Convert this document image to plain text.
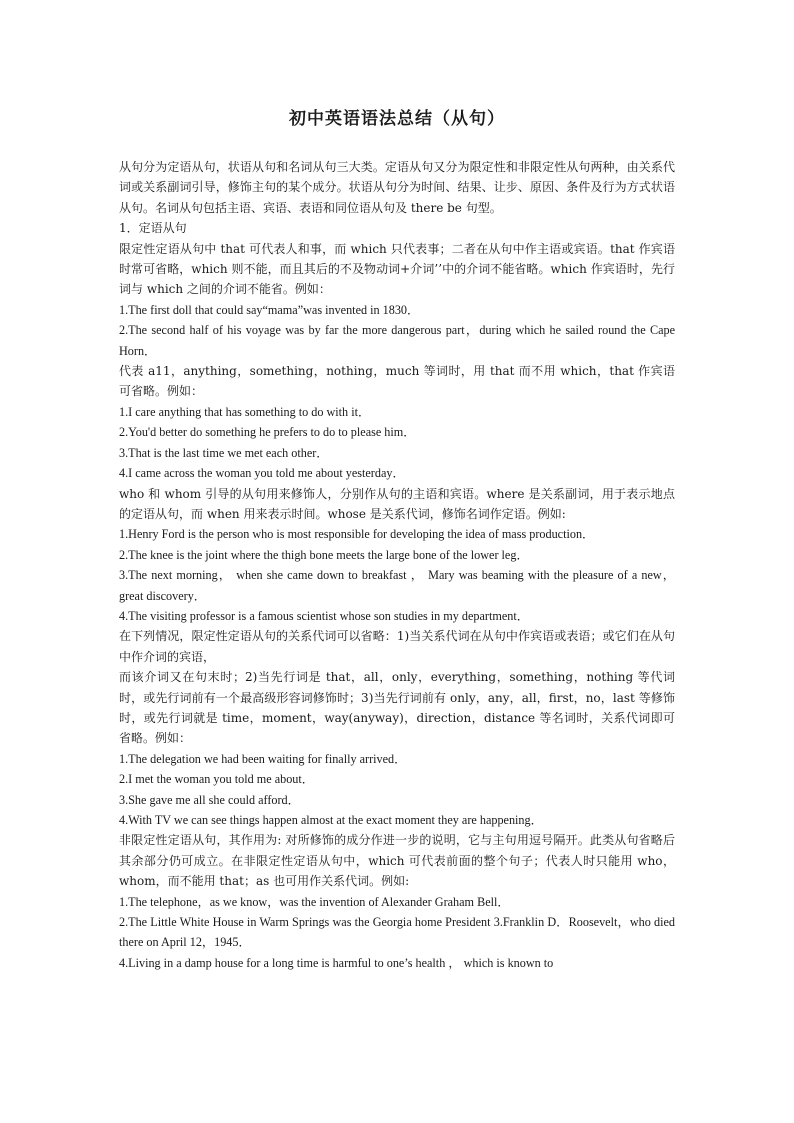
初中英语语法总结（从句）

从句分为定语从句，状语从句和名词从句三大类。定语从句又分为限定性和非限定性从句两种，由关系代词或关系副词引导，修饰主句的某个成分。状语从句分为时间、结果、让步、原因、条件及行为方式状语从句。名词从句包括主语、宾语、表语和同位语从句及 there be 句型。

1．定语从句

限定性定语从句中 that 可代表人和事，而 which 只代表事；二者在从句中作主语或宾语。that 作宾语时常可省略，which 则不能，而且其后的不及物动词+介词’’中的介词不能省略。which 作宾语时，先行词与 which 之间的介词不能省。例如：

1.The first doll that could say“mama”was invented in 1830．

2.The second half of his voyage was by far the more dangerous part，during which he sailed round the Cape Horn．

代表 a11，anything，something，nothing，much 等词时，用 that 而不用 which，that 作宾语可省略。例如：

1.I care anything that has something to do with it．

2.You'd better do something he prefers to do to please him．

3.That is the last time we met each other．

4.I came across the woman you told me about yesterday．

who 和 whom 引导的从句用来修饰人，分别作从句的主语和宾语。where 是关系副词，用于表示地点的定语从句，而 when 用来表示时间。whose 是关系代词，修饰名词作定语。例如:

1.Henry Ford is the person who is most responsible for developing the idea of mass production．

2.The knee is the joint where the thigh bone meets the large bone of the lower leg．

3.The next morning， when she came down to breakfast ， Mary was beaming with the pleasure of a new，great discovery．

4.The visiting professor is a famous scientist whose son studies in my department．

在下列情况，限定性定语从句的关系代词可以省略：1)当关系代词在从句中作宾语或表语；或它们在从句中作介词的宾语，

而该介词又在句末时；2)当先行词是 that，all，only，everything，something，nothing 等代词时，或先行词前有一个最高级形容词修饰时；3)当先行词前有 only，any，all，first，no，last 等修饰时，或先行词就是 time，moment，way(anyway)，direction，distance 等名词时，关系代词即可省略。例如：

1.The delegation we had been waiting for finally arrived．

2.I met the woman you told me about．

3.She gave me all she could afford．

4.With TV we can see things happen almost at the exact moment they are happening．

非限定性定语从句，其作用为: 对所修饰的成分作进一步的说明，它与主句用逗号隔开。此类从句省略后其余部分仍可成立。在非限定性定语从句中，which 可代表前面的整个句子；代表人时只能用 who，whom，而不能用 that；as 也可用作关系代词。例如:

1.The telephone，as we know，was the invention of Alexander Graham Bell．

2.The Little White House in Warm Springs was the Georgia home President 3.Franklin D．Roosevelt，who died there on April 12，1945．

4.Living in a damp house for a long time is harmful to one’s health ， which is known to
